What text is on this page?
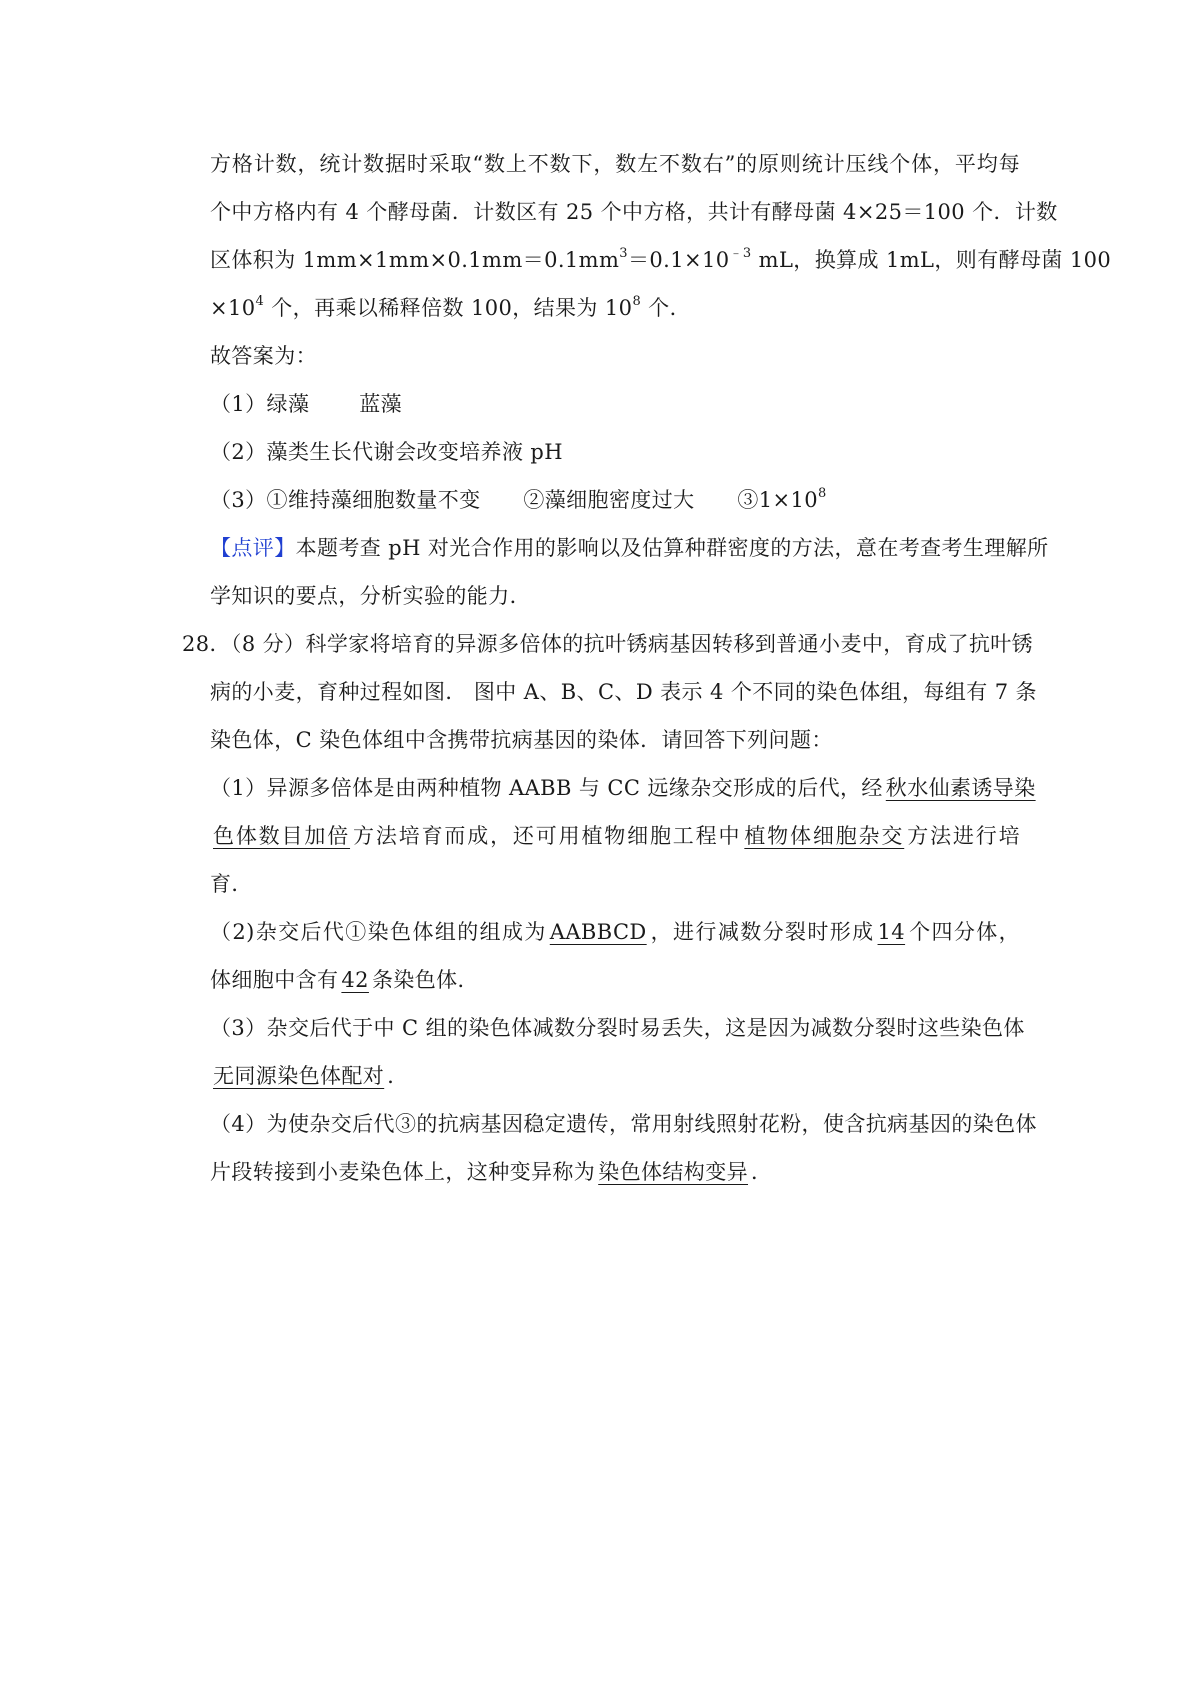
方格计数，统计数据时采取“数上不数下，数左不数右”的原则统计压线个体，平均每
个中方格内有 4 个酵母菌．计数区有 25 个中方格，共计有酵母菌 4×25＝100 个．计数
区体积为 $1mm\times 1mm\times 0.1mm=0.1mm^3=0.1\times 10^{﹣3}$ mL，换算成 1mL，则有酵母菌 100
$\times 10^4$ 个，再乘以稀释倍数 100，结果为 $10^8$ 个．
故答案为：
（1）绿藻　　 蓝藻
（2）藻类生长代谢会改变培养液 pH
（3）①维持藻细胞数量不变　　②藻细胞密度过大　　$③1\times 10^8$
【点评】本题考查 pH 对光合作用的影响以及估算种群密度的方法，意在考查考生理解所
学知识的要点，分析实验的能力．
28．（8 分）科学家将培育的异源多倍体的抗叶锈病基因转移到普通小麦中，育成了抗叶锈
病的小麦，育种过程如图． 图中 A、B、C、D 表示 4 个不同的染色体组，每组有 7 条
染色体，C 染色体组中含携带抗病基因的染体．请回答下列问题：
（1）异源多倍体是由两种植物 AABB 与 CC 远缘杂交形成的后代，经 秋水仙素诱导染
色体数目加倍 方法培育而成，还可用植物细胞工程中 植物体细胞杂交 方法进行培
育．
（2)杂交后代①染色体组的组成为 AABBCD ，进行减数分裂时形成 14 个四分体，
体细胞中含有 42 条染色体．
（3）杂交后代于中 C 组的染色体减数分裂时易丢失，这是因为减数分裂时这些染色体
无同源染色体配对 ．
（4）为使杂交后代③的抗病基因稳定遗传，常用射线照射花粉，使含抗病基因的染色体
片段转接到小麦染色体上，这种变异称为 染色体结构变异 ．
